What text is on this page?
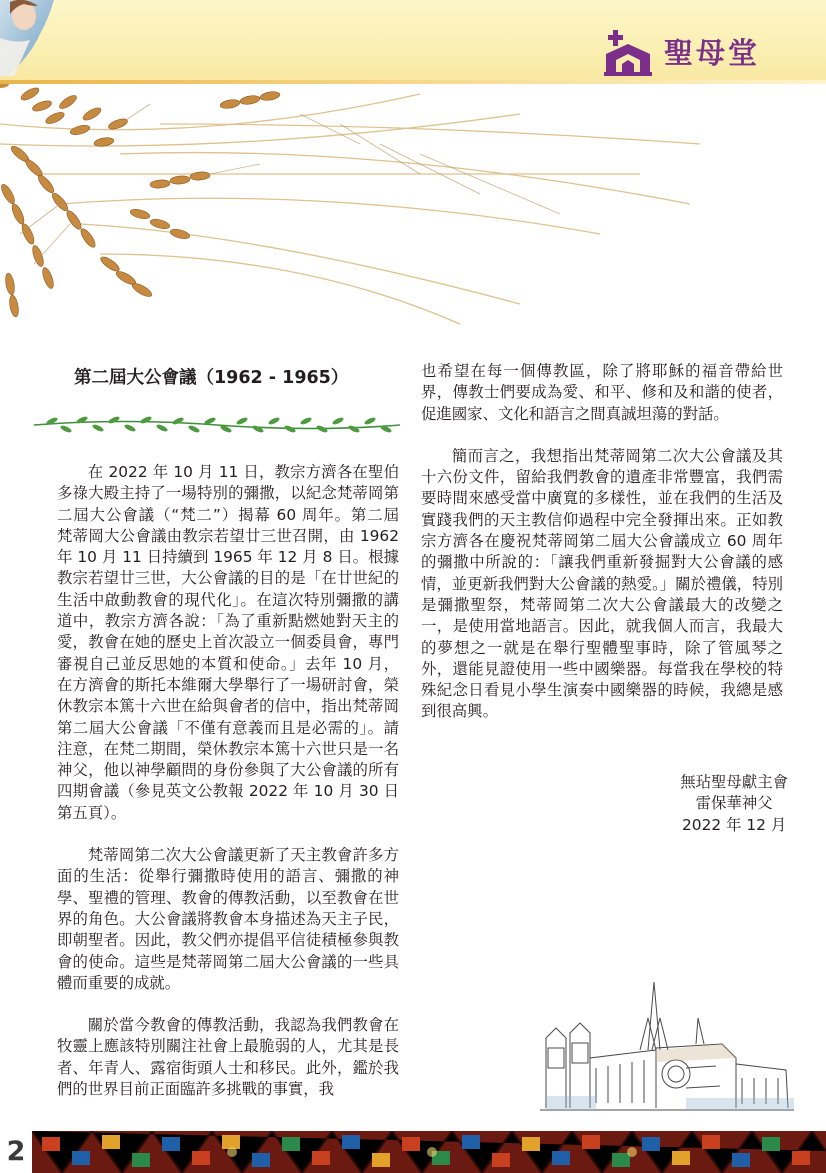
聖母堂
第二屆大公會議（1962 - 1965）

在 2022 年 10 月 11 日，教宗方濟各在聖伯多祿大殿主持了一場特別的彌撒，以紀念梵蒂岡第二屆大公會議（“梵二”）揭幕 60 周年。第二屆 梵蒂岡大公會議由教宗若望廿三世召開，由 1962 年 10 月 11 日持續到 1965 年 12 月 8 日。根據教宗若望廿三世，大公會議的目的是「在廿世紀的生活中啟動教會的現代化」。在這次特別彌撒的講道中，教宗方濟各說：「為了重新點燃她對天主的愛，教會在她的歷史上首次設立一個委員會，專門審視自己並反思她的本質和使命。」去年 10 月，在方濟會的斯托本維爾大學舉行了一場研討會，榮休教宗本篤十六世在給與會者的信中，指出梵蒂岡第二屆大公會議「不僅有意義而且是必需的」。請注意，在梵二期間，榮休教宗本篤十六世只是一名神父，他以神學顧問的身份參與了大公會議的所有四期會議（參見英文公教報 2022 年 10 月 30 日第五頁）。

梵蒂岡第二次大公會議更新了天主教會許多方面的生活：從舉行彌撒時使用的語言、彌撒的神學、聖禮的管理、教會的傳教活動，以至教會在世界的角色。大公會議將教會本身描述為天主子民，即朝聖者。因此，教父們亦提倡平信徒積極參與教會的使命。這些是梵蒂岡第二屆大公會議的一些具體而重要的成就。

關於當今教會的傳教活動，我認為我們教會在牧靈上應該特別關注社會上最脆弱的人，尤其是長者、年青人、露宿街頭人士和移民。此外，鑑於我們的世界目前正面臨許多挑戰的事實，我

也希望在每一個傳教區，除了將耶穌的福音帶給世界，傳教士們要成為愛、和平、修和及和諧的使者，促進國家、文化和語言之間真誠坦蕩的對話。

簡而言之，我想指出梵蒂岡第二次大公會議及其十六份文件，留給我們教會的遺產非常豐富，我們需要時間來感受當中廣寬的多樣性，並在我們的生活及實踐我們的天主教信仰過程中完全發揮出來。正如教宗方濟各在慶祝梵蒂岡第二屆大公會議成立 60 周年的彌撒中所說的：「讓我們重新發掘對大公會議的感情，並更新我們對大公會議的熱愛。」關於禮儀，特別是彌撒聖祭，梵蒂岡第二次大公會議最大的改變之一，是使用當地語言。因此，就我個人而言，我最大的夢想之一就是在舉行聖體聖事時，除了管風琴之外，還能見證使用一些中國樂器。每當我在學校的特殊紀念日看見小學生演奏中國樂器的時候，我總是感到很高興。

無玷聖母獻主會
雷保華神父
2022 年 12 月
2
